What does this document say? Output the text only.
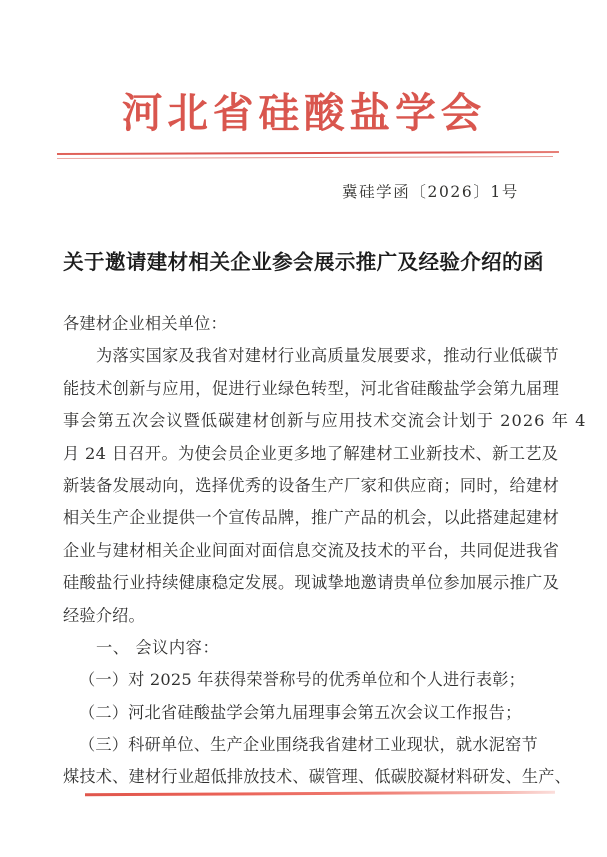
河北省硅酸盐学会
冀硅学函〔2026〕1号
关于邀请建材相关企业参会展示推广及经验介绍的函
各建材企业相关单位：
为落实国家及我省对建材行业高质量发展要求，推动行业低碳节
能技术创新与应用，促进行业绿色转型，河北省硅酸盐学会第九届理
事会第五次会议暨低碳建材创新与应用技术交流会计划于 2026 年 4
月 24 日召开。为使会员企业更多地了解建材工业新技术、新工艺及
新装备发展动向，选择优秀的设备生产厂家和供应商；同时，给建材
相关生产企业提供一个宣传品牌，推广产品的机会，以此搭建起建材
企业与建材相关企业间面对面信息交流及技术的平台，共同促进我省
硅酸盐行业持续健康稳定发展。现诚挚地邀请贵单位参加展示推广及
经验介绍。
一、 会议内容：
（一）对 2025 年获得荣誉称号的优秀单位和个人进行表彰；
（二）河北省硅酸盐学会第九届理事会第五次会议工作报告；
（三）科研单位、生产企业围绕我省建材工业现状，就水泥窑节
煤技术、建材行业超低排放技术、碳管理、低碳胶凝材料研发、生产、
